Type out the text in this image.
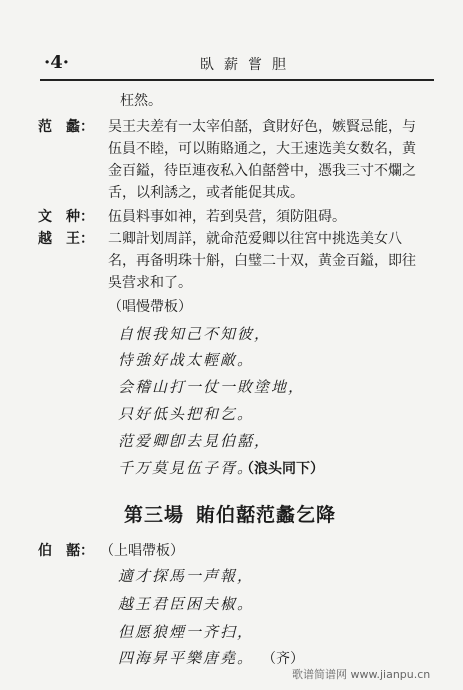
·4·	臥薪嘗胆
枉然。
范　蠡： 吴王夫差有一太宰伯嚭，貪財好色，嫉賢忌能，与
伍員不睦，可以賄賂通之，大王速选美女数名，黄
金百鎰，待臣連夜私入伯嚭營中，憑我三寸不爛之
舌，以利誘之，或者能促其成。
文　种： 伍員料事如神，若到吳营，須防阻碍。
越　王： 二卿計划周詳，就命范爱卿以往宮中挑选美女八
名，再备明珠十斛，白璧二十双，黄金百鎰，即往
吳营求和了。
（唱慢帶板）
自恨我知己不知彼，
恃強好战太輕敵。
会稽山打一仗一敗塗地，
只好低头把和乞。
范爱卿卽去見伯嚭，
千万莫見伍子胥。
（浪头同下）
第三場 賄伯嚭范蠡乞降
伯　嚭： （上唱帶板）
適才探馬一声報，
越王君臣困夫椒。
但愿狼煙一齐扫，
四海昇平樂唐堯。 （齐）
歌谱简谱网 www.jianpu.cn
